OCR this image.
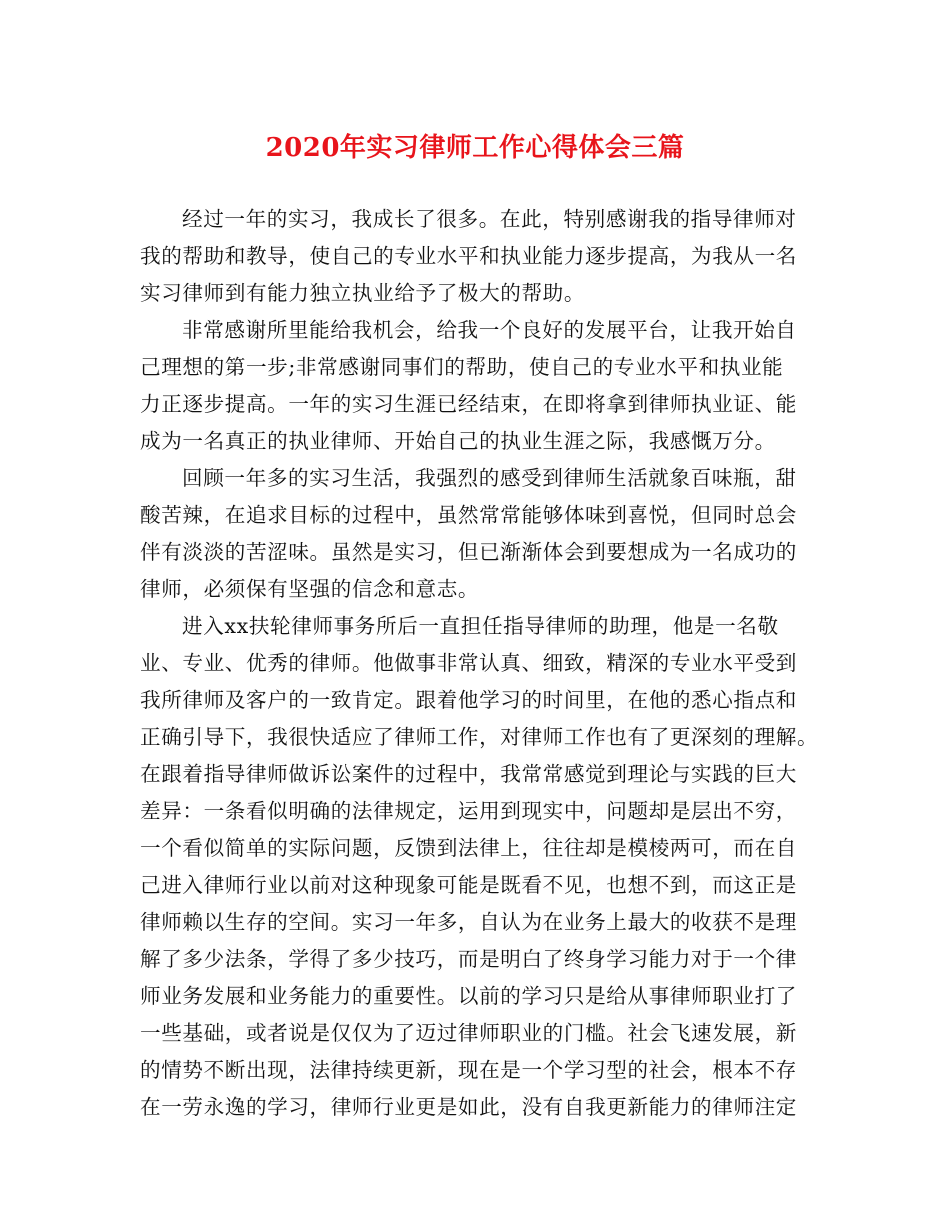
2020年实习律师工作心得体会三篇
经过一年的实习，我成长了很多。在此，特别感谢我的指导律师对
我的帮助和教导，使自己的专业水平和执业能力逐步提高，为我从一名
实习律师到有能力独立执业给予了极大的帮助。
非常感谢所里能给我机会，给我一个良好的发展平台，让我开始自
己理想的第一步;非常感谢同事们的帮助，使自己的专业水平和执业能
力正逐步提高。一年的实习生涯已经结束，在即将拿到律师执业证、能
成为一名真正的执业律师、开始自己的执业生涯之际，我感慨万分。
回顾一年多的实习生活，我强烈的感受到律师生活就象百味瓶，甜
酸苦辣，在追求目标的过程中，虽然常常能够体味到喜悦，但同时总会
伴有淡淡的苦涩味。虽然是实习，但已渐渐体会到要想成为一名成功的
律师，必须保有坚强的信念和意志。
进入xx扶轮律师事务所后一直担任指导律师的助理，他是一名敬
业、专业、优秀的律师。他做事非常认真、细致，精深的专业水平受到
我所律师及客户的一致肯定。跟着他学习的时间里，在他的悉心指点和
正确引导下，我很快适应了律师工作，对律师工作也有了更深刻的理解。
在跟着指导律师做诉讼案件的过程中，我常常感觉到理论与实践的巨大
差异：一条看似明确的法律规定，运用到现实中，问题却是层出不穷，
一个看似简单的实际问题，反馈到法律上，往往却是模棱两可，而在自
己进入律师行业以前对这种现象可能是既看不见，也想不到，而这正是
律师赖以生存的空间。实习一年多，自认为在业务上最大的收获不是理
解了多少法条，学得了多少技巧，而是明白了终身学习能力对于一个律
师业务发展和业务能力的重要性。以前的学习只是给从事律师职业打了
一些基础，或者说是仅仅为了迈过律师职业的门槛。社会飞速发展，新
的情势不断出现，法律持续更新，现在是一个学习型的社会，根本不存
在一劳永逸的学习，律师行业更是如此，没有自我更新能力的律师注定
